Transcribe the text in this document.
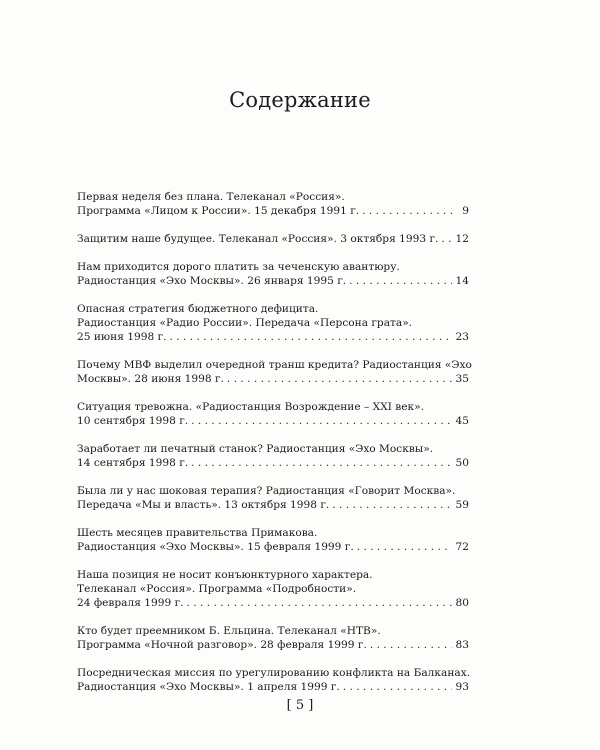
Содержание
Первая неделя без плана. Телеканал «Россия».
Программа «Лицом к России». 15 декабря 1991 г. . . .	9
Защитим наше будущее. Телеканал «Россия». 3 октября 1993 г. . . . 12
Нам приходится дорого платить за чеченскую авантюру.
Радиостанция «Эхо Москвы». 26 января 1995 г. . . .	14
Опасная стратегия бюджетного дефицита.
Радиостанция «Радио России». Передача «Персона грата».
25 июня 1998 г. . . .	23
Почему МВФ выделил очередной транш кредита? Радиостанция «Эхо
Москвы». 28 июня 1998 г. . . .	35
Ситуация тревожна. «Радиостанция Возрождение – XXI век».
10 сентября 1998 г. . . .	45
Заработает ли печатный станок? Радиостанция «Эхо Москвы».
14 сентября 1998 г. . . .	50
Была ли у нас шоковая терапия? Радиостанция «Говорит Москва».
Передача «Мы и власть». 13 октября 1998 г. . . .	59
Шесть месяцев правительства Примакова.
Радиостанция «Эхо Москвы». 15 февраля 1999 г. . . .	72
Наша позиция не носит конъюнктурного характера.
Телеканал «Россия». Программа «Подробности».
24 февраля 1999 г. . . .	80
Кто будет преемником Б. Ельцина. Телеканал «НТВ».
Программа «Ночной разговор». 28 февраля 1999 г. . . .	83
Посредническая миссия по урегулированию конфликта на Балканах.
Радиостанция «Эхо Москвы». 1 апреля 1999 г. . . .	93
[ 5 ]
